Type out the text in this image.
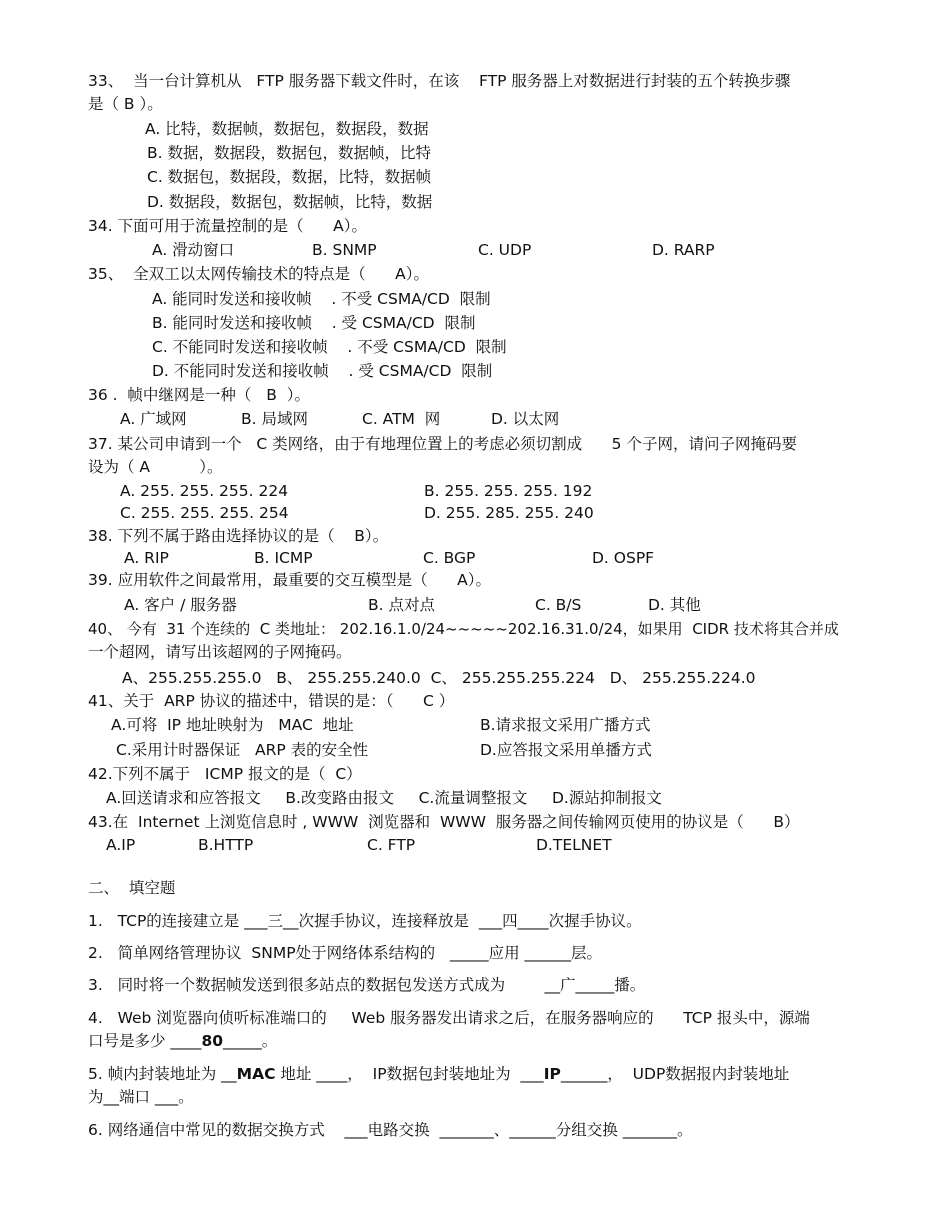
33、  当一台计算机从   FTP 服务器下载文件时，在该    FTP 服务器上对数据进行封装的五个转换步骤
是（ B ）。
A. 比特，数据帧，数据包，数据段，数据
B. 数据，数据段，数据包，数据帧，比特
C. 数据包，数据段，数据，比特，数据帧
D. 数据段，数据包，数据帧，比特，数据
34. 下面可用于流量控制的是（      A）。
A. 滑动窗口	B. SNMP	C. UDP	D. RARP
35、  全双工以太网传输技术的特点是（      A）。
A. 能同时发送和接收帧    . 不受 CSMA/CD  限制
B. 能同时发送和接收帧    . 受 CSMA/CD  限制
C. 不能同时发送和接收帧    . 不受 CSMA/CD  限制
D. 不能同时发送和接收帧    . 受 CSMA/CD  限制
36 .  帧中继网是一种（   B  ）。
A. 广域网	B. 局域网	C. ATM  网	D. 以太网
37. 某公司申请到一个   C 类网络，由于有地理位置上的考虑必须切割成      5 个子网，请问子网掩码要
设为（ A          ）。
A. 255. 255. 255. 224	B. 255. 255. 255. 192
C. 255. 255. 255. 254	D. 255. 285. 255. 240
38. 下列不属于路由选择协议的是（    B）。
A. RIP	B. ICMP	C. BGP	D. OSPF
39. 应用软件之间最常用，最重要的交互模型是（      A）。
A. 客户 / 服务器	B. 点对点	C. B/S	D. 其他
40、 今有  31 个连续的  C 类地址： 202.16.1.0/24~~~~~202.16.31.0/24，如果用  CIDR 技术将其合并成
一个超网，请写出该超网的子网掩码。
A、255.255.255.0   B、 255.255.240.0  C、 255.255.255.224   D、 255.255.224.0
41、关于  ARP 协议的描述中，错误的是：（      C ）
A.可将  IP 地址映射为   MAC  地址	B.请求报文采用广播方式
C.采用计时器保证   ARP 表的安全性	D.应答报文采用单播方式
42.下列不属于   ICMP 报文的是（  C）
A.回送请求和应答报文     B.改变路由报文     C.流量调整报文     D.源站抑制报文
43.在  Internet 上浏览信息时 , WWW  浏览器和  WWW  服务器之间传输网页使用的协议是（      B）
A.IP	B.HTTP	C. FTP	D.TELNET
二、  填空题
1.   TCP的连接建立是 ___三__次握手协议，连接释放是  ___四____次握手协议。
2.   简单网络管理协议  SNMP处于网络体系结构的   _____应用 ______层。
3.   同时将一个数据帧发送到很多站点的数据包发送方式成为        __广_____播。
4.   Web 浏览器向侦听标准端口的     Web 服务器发出请求之后，在服务器响应的      TCP 报头中，源端
口号是多少 ____80_____。
5. 帧内封装地址为 __MAC 地址 ____，  IP数据包封装地址为  ___IP______，  UDP数据报内封装地址
为__端口 ___。
6. 网络通信中常见的数据交换方式    ___电路交换  _______、______分组交换 _______。
